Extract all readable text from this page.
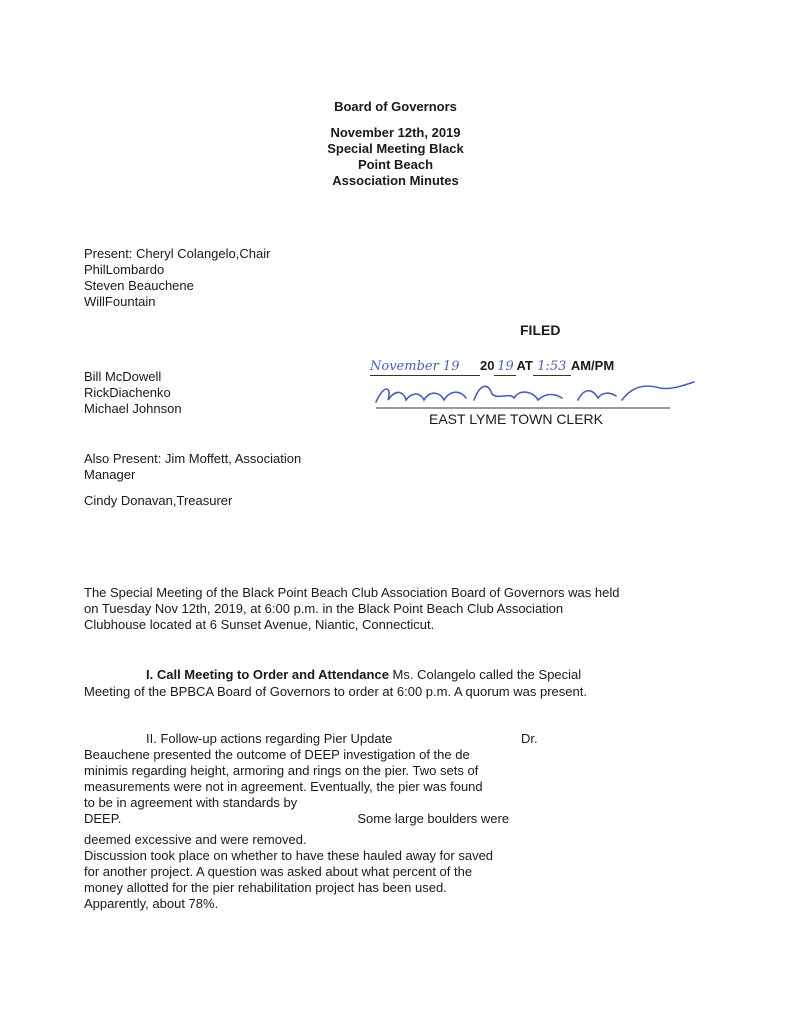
Board of Governors
November 12th, 2019
Special Meeting Black
Point Beach
Association Minutes
Present: Cheryl Colangelo,Chair
PhilLombardo
Steven Beauchene
WillFountain
Bill McDowell
RickDiachenko
Michael Johnson
FILED
November 19 20 19 AT 1:53 AM/PM
EAST LYME TOWN CLERK
Also Present: Jim Moffett, Association
Manager
Cindy Donavan,Treasurer
The Special Meeting of the Black Point Beach Club Association Board of Governors was held
on Tuesday Nov 12th, 2019, at 6:00 p.m. in the Black Point Beach Club Association
Clubhouse located at 6 Sunset Avenue, Niantic, Connecticut.
I. Call Meeting to Order and Attendance Ms. Colangelo called the Special
Meeting of the BPBCA Board of Governors to order at 6:00 p.m. A quorum was present.
II. Follow-up actions regarding Pier Update	Dr.
Beauchene presented the outcome of DEEP investigation of the de
minimis regarding height, armoring and rings on the pier. Two sets of
measurements were not in agreement. Eventually, the pier was found
to be in agreement with standards by
DEEP.	Some large boulders were
deemed excessive and were removed.
Discussion took place on whether to have these hauled away for saved
for another project. A question was asked about what percent of the
money allotted for the pier rehabilitation project has been used.
Apparently, about 78%.
